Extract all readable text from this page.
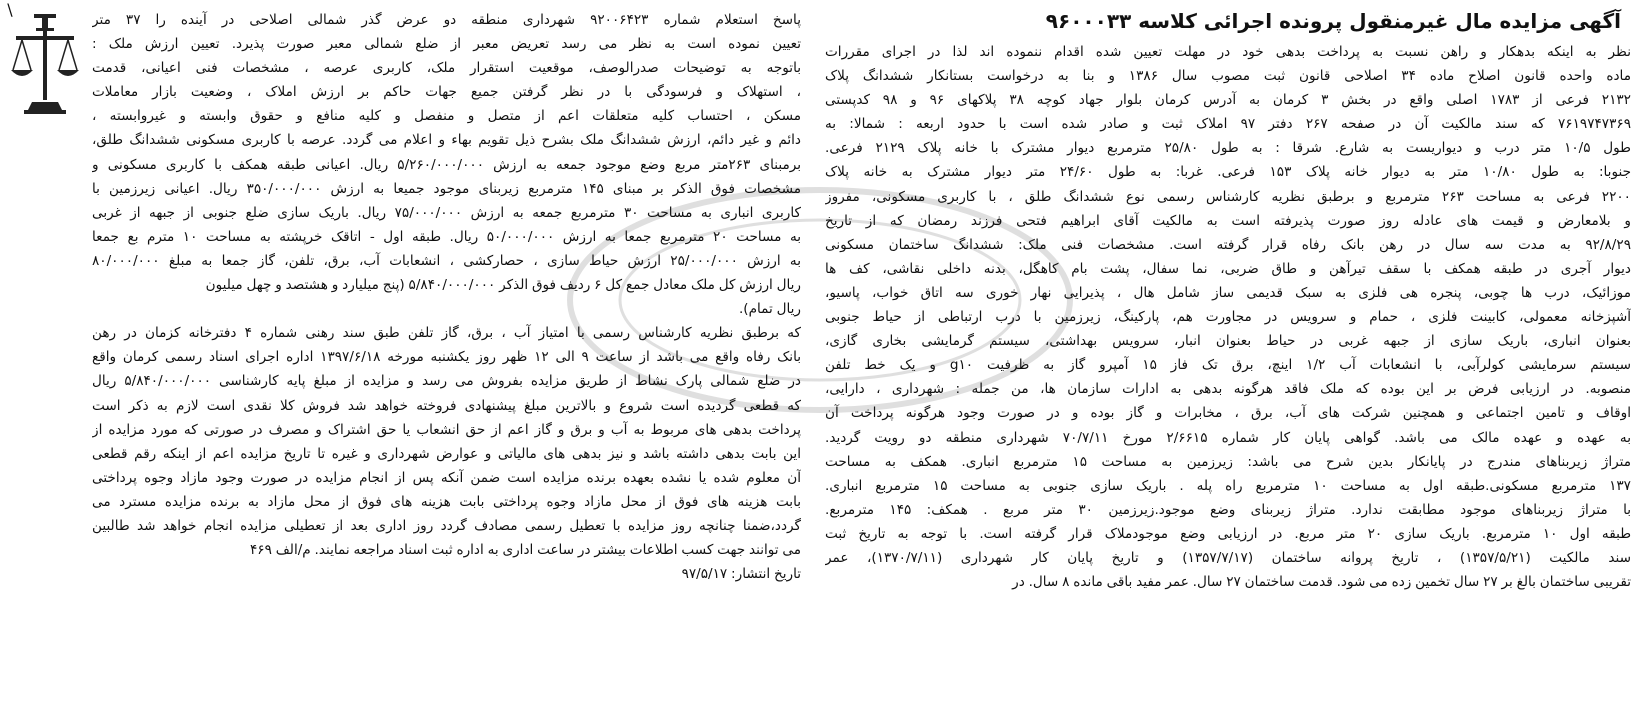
\	آگهی مزایده مال غیرمنقول پرونده اجرائی کلاسه ۹۶۰۰۰۳۳
نظر به اینکه بدهکار و راهن نسبت به پرداخت بدهی خود در مهلت تعیین شده اقدام ننموده اند لذا در اجرای مقررات
ماده واحده قانون اصلاح ماده ۳۴ اصلاحی قانون ثبت مصوب سال ۱۳۸۶ و بنا به درخواست بستانکار ششدانگ پلاک
۲۱۳۲ فرعی از ۱۷۸۳ اصلی واقع در بخش ۳ کرمان به آدرس کرمان بلوار جهاد کوچه ۳۸ پلاکهای ۹۶ و ۹۸ کدپستی
۷۶۱۹۷۴۷۳۶۹ که سند مالکیت آن در صفحه ۲۶۷ دفتر ۹۷ املاک ثبت و صادر شده است با حدود اربعه : شمالا: به
طول ۱۰/۵ متر درب و دیواریست به شارع. شرقا : به طول ۲۵/۸۰ مترمربع دیوار مشترک با خانه پلاک ۲۱۲۹ فرعی.
جنوبا: به طول ۱۰/۸۰ متر به دیوار خانه پلاک ۱۵۳ فرعی. غربا: به طول ۲۴/۶۰ متر دیوار مشترک به خانه پلاک
۲۲۰۰ فرعی به مساحت ۲۶۳ مترمربع و برطبق نظریه کارشناس رسمی نوع ششدانگ طلق ، با کاربری مسکونی، مفروز
و بلامعارض و قیمت های عادله روز صورت پذیرفته است به مالکیت آقای ابراهیم فتحی فرزند رمضان که از تاریخ
۹۲/۸/۲۹ به مدت سه سال در رهن بانک رفاه قرار گرفته است. مشخصات فنی ملک: ششدانگ ساختمان مسکونی
دیوار آجری در طبقه همکف با سقف تیرآهن و طاق ضربی، نما سفال، پشت بام کاهگل، بدنه داخلی نقاشی، کف ها
موزائیک، درب ها چوبی، پنجره هی فلزی به سبک قدیمی ساز شامل هال ، پذیرایی نهار خوری سه اتاق خواب، پاسیو،
آشپزخانه معمولی، کابینت فلزی ، حمام و سرویس در مجاورت هم، پارکینگ، زیرزمین با درب ارتباطی از حیاط جنوبی
بعنوان انباری، باریک سازی از جبهه غربی در حیاط بعنوان انبار، سرویس بهداشتی، سیستم گرمایشی بخاری گازی،
سیستم سرمایشی کولرآبی، با انشعابات آب ۱/۲ اینچ، برق تک فاز ۱۵ آمپرو گاز به ظرفیت g۱۰ و یک خط تلفن
منصوبه. در ارزیابی فرض بر این بوده که ملک فاقد هرگونه بدهی به ادارات سازمان ها، من جمله : شهرداری ، دارایی،
اوقاف و تامین اجتماعی و همچنین شرکت های آب، برق ، مخابرات و گاز بوده و در صورت وجود هرگونه پرداخت آن
به عهده و عهده مالک می باشد. گواهی پایان کار شماره ۲/۶۶۱۵ مورخ ۷۰/۷/۱۱ شهرداری منطقه دو رویت گردید.
متراژ زیربناهای مندرج در پایانکار بدین شرح می باشد: زیرزمین به مساحت ۱۵ مترمربع انباری. همکف به مساحت
۱۳۷ مترمربع مسکونی.طبقه اول به مساحت ۱۰ مترمربع راه پله . باریک سازی جنوبی به مساحت ۱۵ مترمربع انباری.
با متراژ زیربناهای موجود مطابقت ندارد. متراژ زیربنای وضع موجود.زیرزمین ۳۰ متر مربع . همکف: ۱۴۵ مترمربع.
طبقه اول ۱۰ مترمربع. باریک سازی ۲۰ متر مربع. در ارزیابی وضع موجودملاک قرار گرفته است. با توجه به تاریخ ثبت
سند مالکیت (۱۳۵۷/۵/۲۱) ، تاریخ پروانه ساختمان (۱۳۵۷/۷/۱۷) و تاریخ پایان کار شهرداری (۱۳۷۰/۷/۱۱)، عمر
تقریبی ساختمان بالغ بر ۲۷ سال تخمین زده می شود. قدمت ساختمان ۲۷ سال. عمر مفید باقی مانده ۸ سال. در
پاسخ استعلام شماره ۹۲۰۰۶۴۲۳ شهرداری منطقه دو عرض گذر شمالی اصلاحی در آینده را ۳۷ متر
تعیین نموده است به نظر می رسد تعریض معبر از ضلع شمالی معبر صورت پذیرد. تعیین ارزش ملک :
باتوجه به توضیحات صدرالوصف، موقعیت استقرار ملک، کاربری عرصه ، مشخصات فنی اعیانی، قدمت
، استهلاک و فرسودگی با در نظر گرفتن جمیع جهات حاکم بر ارزش املاک ، وضعیت بازار معاملات
مسکن ، احتساب کلیه متعلقات اعم از متصل و منفصل و کلیه منافع و حقوق وابسته و غیروابسته ،
دائم و غیر دائم، ارزش ششدانگ ملک بشرح ذیل تقویم بهاء و اعلام می گردد. عرصه با کاربری مسکونی ششدانگ طلق،
برمبنای ۲۶۳متر مربع وضع موجود جمعه به ارزش ۵/۲۶۰/۰۰۰/۰۰۰ ریال. اعیانی طبقه همکف با کاربری مسکونی و
مشخصات فوق الذکر بر مبنای ۱۴۵ مترمربع زیربنای موجود جمیعا به ارزش ۳۵۰/۰۰۰/۰۰۰ ریال. اعیانی زیرزمین با
کاربری انباری به مساحت ۳۰ مترمربع جمعه به ارزش ۷۵/۰۰۰/۰۰۰ ریال. باریک سازی ضلع جنوبی از جبهه از غربی
به مساحت ۲۰ مترمربع جمعا به ارزش ۵۰/۰۰۰/۰۰۰ ریال. طبقه اول - اتاقک خرپشته به مساحت ۱۰ مترم بع جمعا
به ارزش ۲۵/۰۰۰/۰۰۰ ارزش حیاط سازی ، حصارکشی ، انشعابات آب، برق، تلفن، گاز جمعا به مبلغ ۸۰/۰۰۰/۰۰۰
ریال ارزش کل ملک معادل جمع کل ۶ ردیف فوق الذکر ۵/۸۴۰/۰۰۰/۰۰۰ (پنج میلیارد و هشتصد و چهل میلیون
ریال تمام).
که برطبق نظریه کارشناس رسمی با امتیاز آب ، برق، گاز تلفن طبق سند رهنی شماره ۴ دفترخانه کزمان در رهن
بانک رفاه واقع می باشد از ساعت ۹ الی ۱۲ ظهر روز یکشنبه مورخه ۱۳۹۷/۶/۱۸ اداره اجرای اسناد رسمی کرمان واقع
در ضلع شمالی پارک نشاط از طریق مزایده بفروش می رسد و مزایده از مبلغ پایه کارشناسی ۵/۸۴۰/۰۰۰/۰۰۰ ریال
که قطعی گردیده است شروع و بالاترین مبلغ پیشنهادی فروخته خواهد شد فروش کلا نقدی است لازم به ذکر است
پرداخت بدهی های مربوط به آب و برق و گاز اعم از حق انشعاب یا حق اشتراک و مصرف در صورتی که مورد مزایده از
این بابت بدهی داشته باشد و نیز بدهی های مالیاتی و عوارض شهرداری و غیره تا تاریخ مزایده اعم از اینکه رقم قطعی
آن معلوم شده یا نشده بعهده برنده مزایده است ضمن آنکه پس از انجام مزایده در صورت وجود مازاد وجوه پرداختی
بابت هزینه های فوق از محل مازاد وجوه پرداختی بابت هزینه های فوق از محل مازاد به برنده مزایده مسترد می
گردد،ضمنا چنانچه روز مزایده با تعطیل رسمی مصادف گردد روز اداری بعد از تعطیلی مزایده انجام خواهد شد طالبین
می توانند جهت کسب اطلاعات بیشتر در ساعت اداری به اداره ثبت اسناد مراجعه نمایند. م/الف ۴۶۹
تاریخ انتشار: ۹۷/۵/۱۷
